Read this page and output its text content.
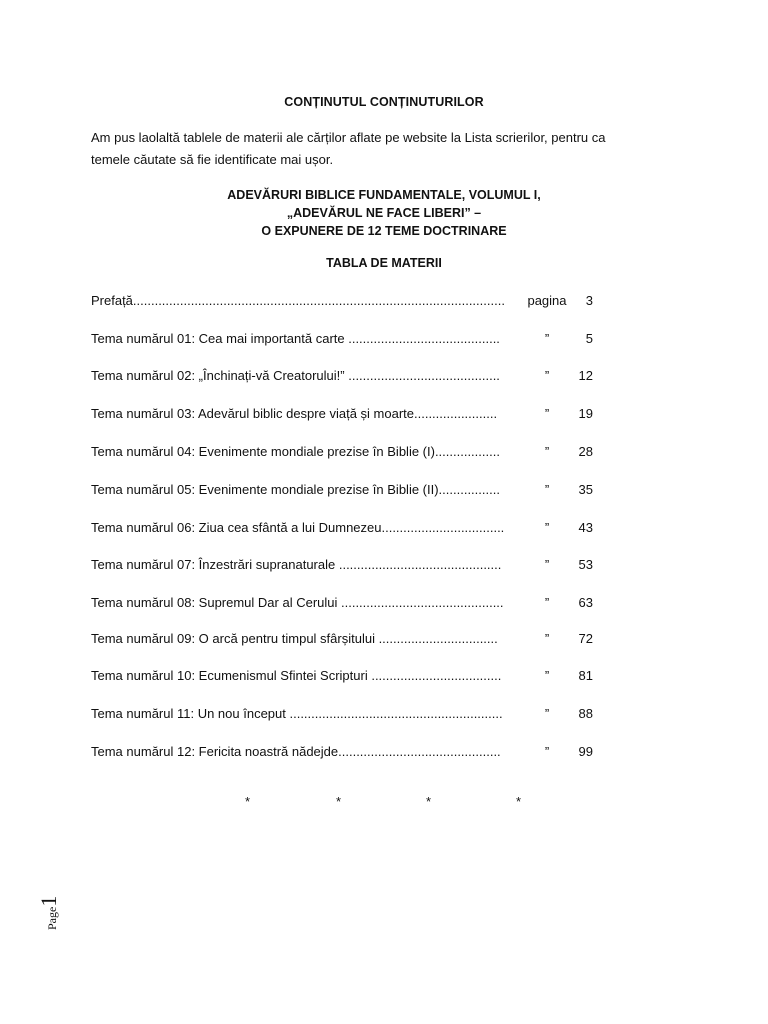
CONȚINUTUL CONȚINUTURILOR
Am pus laolaltă tablele de materii ale cărților aflate pe website la Lista scrierilor, pentru ca
temele căutate să fie identificate mai ușor.
ADEVĂRURI BIBLICE FUNDAMENTALE, VOLUMUL I,
„ADEVĂRUL NE FACE LIBERI” –
O EXPUNERE DE 12 TEME DOCTRINARE
TABLA DE MATERII
Prefață....................................................................................................... pagina 3
Tema numărul 01: Cea mai importantă carte ..........................................	”	5
Tema numărul 02: „Închinați-vă Creatorului!” ..........................................	”	12
Tema numărul 03: Adevărul biblic despre viață și moarte.......................	”	19
Tema numărul 04: Evenimente mondiale prezise în Biblie (I)..................	”	28
Tema numărul 05: Evenimente mondiale prezise în Biblie (II).................	”	35
Tema numărul 06: Ziua cea sfântă a lui Dumnezeu..................................	”	43
Tema numărul 07: Înzestrări supranaturale .............................................	”	53
Tema numărul 08: Supremul Dar al Cerului .............................................	”	63
Tema numărul 09: O arcă pentru timpul sfârșitului .................................	”	72
Tema numărul 10: Ecumenismul Sfintei Scripturi ....................................	”	81
Tema numărul 11: Un nou început ...........................................................	”	88
Tema numărul 12: Fericita noastră nădejde.............................................	”	99
*	*	*	*
Page1
